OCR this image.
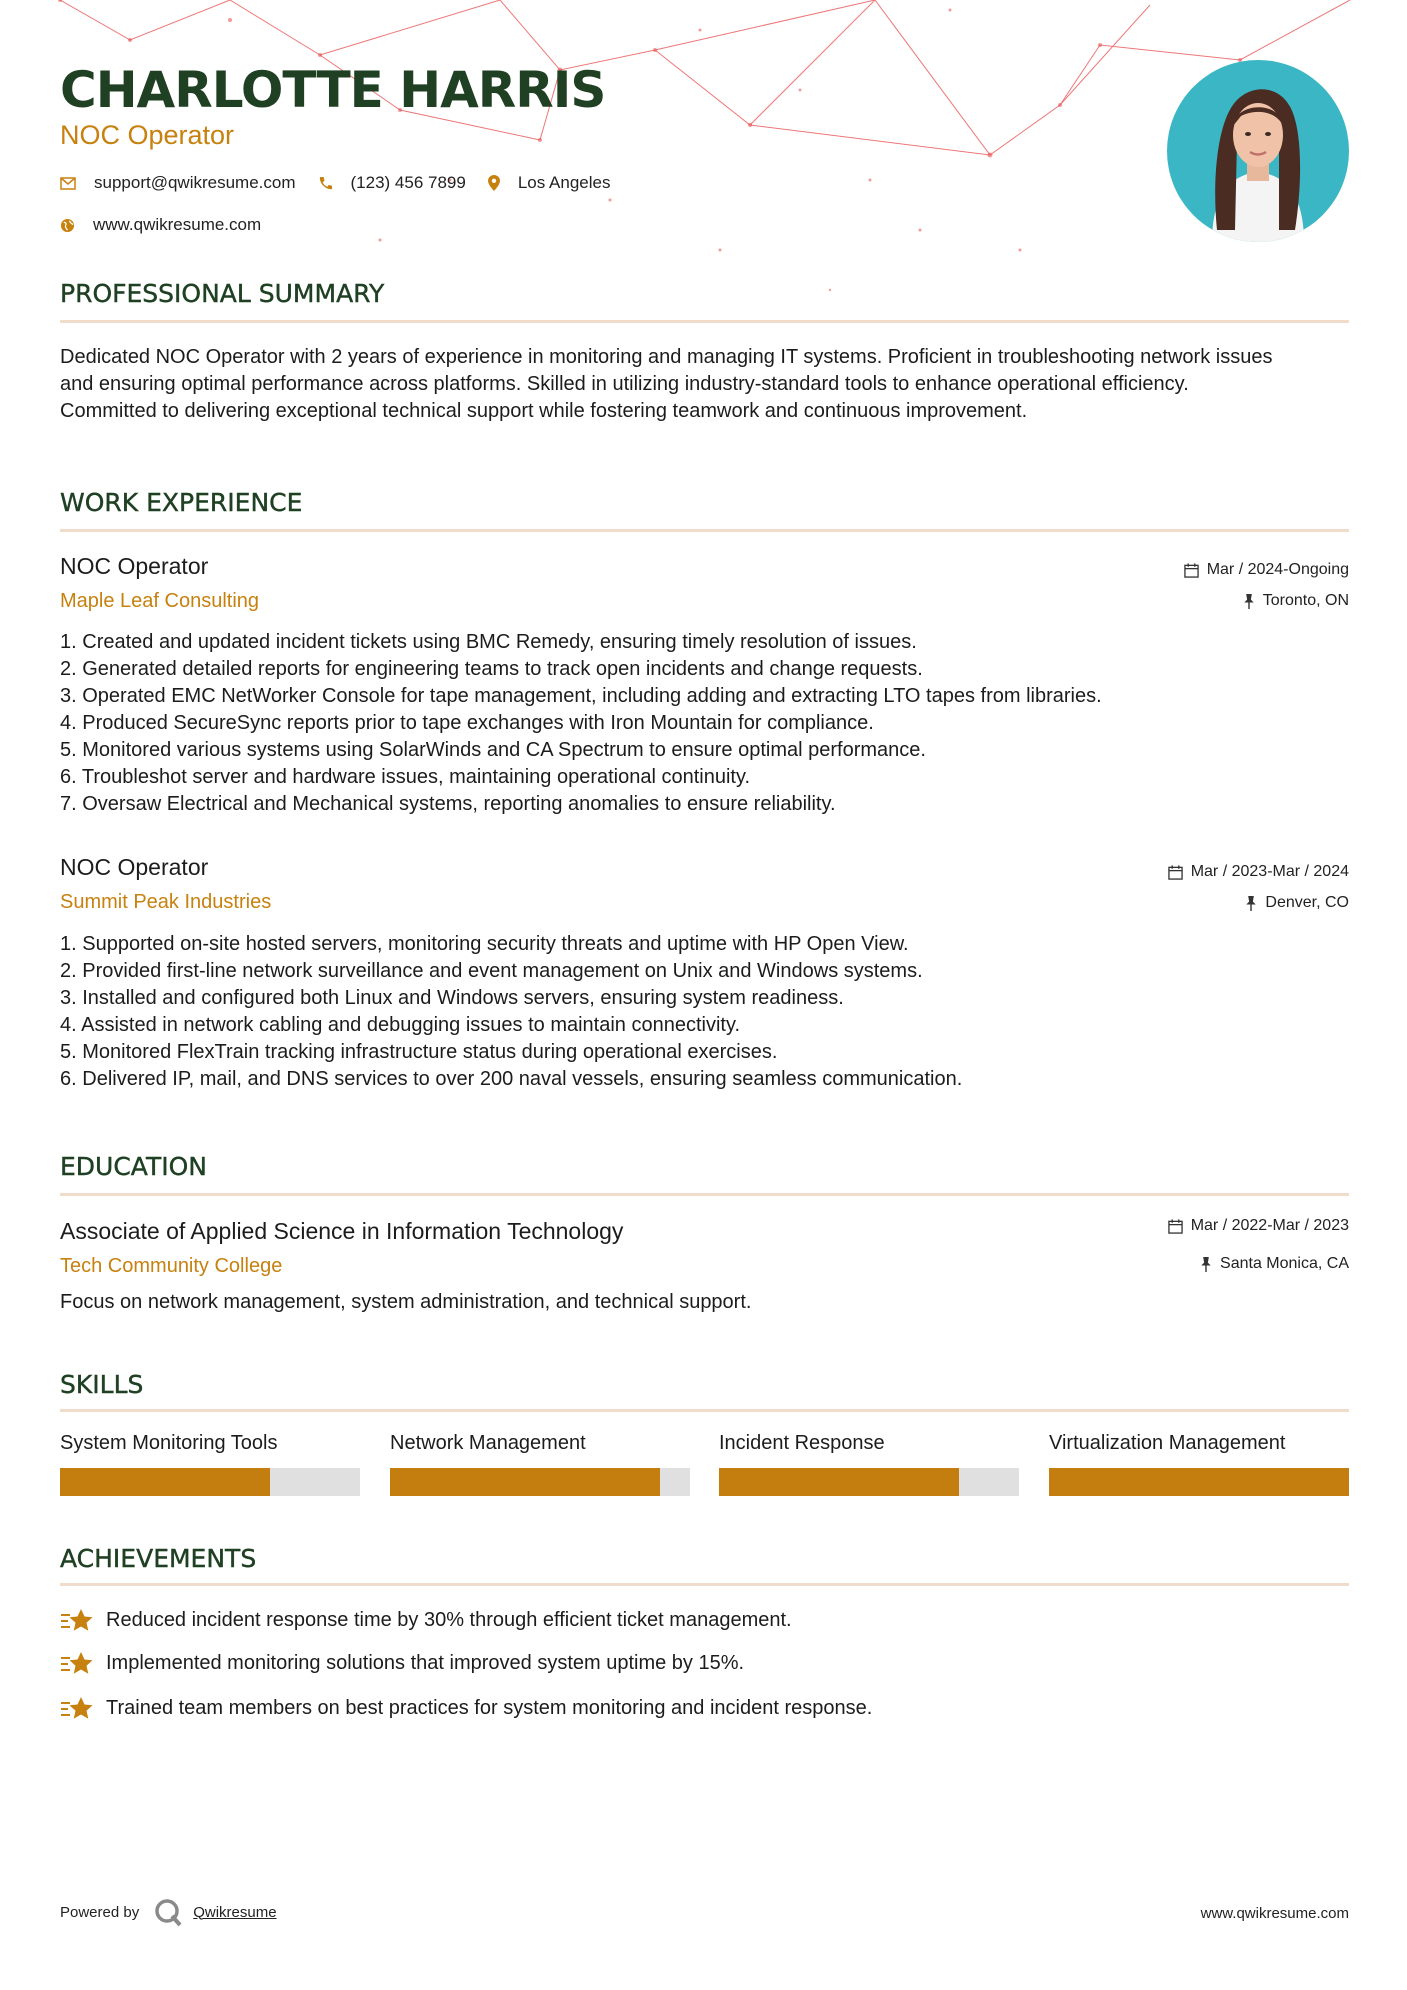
CHARLOTTE HARRIS
NOC Operator
support@qwikresume.com	(123) 456 7899	Los Angeles
www.qwikresume.com
PROFESSIONAL SUMMARY

Dedicated NOC Operator with 2 years of experience in monitoring and managing IT systems. Proficient in troubleshooting network issues and ensuring optimal performance across platforms. Skilled in utilizing industry-standard tools to enhance operational efficiency. Committed to delivering exceptional technical support while fostering teamwork and continuous improvement.

WORK EXPERIENCE
NOC Operator
Maple Leaf Consulting
Mar / 2024-Ongoing
Toronto, ON
Created and updated incident tickets using BMC Remedy, ensuring timely resolution of issues.
Generated detailed reports for engineering teams to track open incidents and change requests.
Operated EMC NetWorker Console for tape management, including adding and extracting LTO tapes from libraries.
Produced SecureSync reports prior to tape exchanges with Iron Mountain for compliance.
Monitored various systems using SolarWinds and CA Spectrum to ensure optimal performance.
Troubleshot server and hardware issues, maintaining operational continuity.
Oversaw Electrical and Mechanical systems, reporting anomalies to ensure reliability.
NOC Operator
Summit Peak Industries
Mar / 2023-Mar / 2024
Denver, CO
Supported on-site hosted servers, monitoring security threats and uptime with HP Open View.
Provided first-line network surveillance and event management on Unix and Windows systems.
Installed and configured both Linux and Windows servers, ensuring system readiness.
Assisted in network cabling and debugging issues to maintain connectivity.
Monitored FlexTrain tracking infrastructure status during operational exercises.
Delivered IP, mail, and DNS services to over 200 naval vessels, ensuring seamless communication.
EDUCATION
Associate of Applied Science in Information Technology
Tech Community College
Mar / 2022-Mar / 2023
Santa Monica, CA

Focus on network management, system administration, and technical support.

SKILLS
System Monitoring Tools	Network Management	Incident Response	Virtualization Management
ACHIEVEMENTS
Reduced incident response time by 30% through efficient ticket management.
Implemented monitoring solutions that improved system uptime by 15%.
Trained team members on best practices for system monitoring and incident response.
Powered by	Qwikresume	www.qwikresume.com
